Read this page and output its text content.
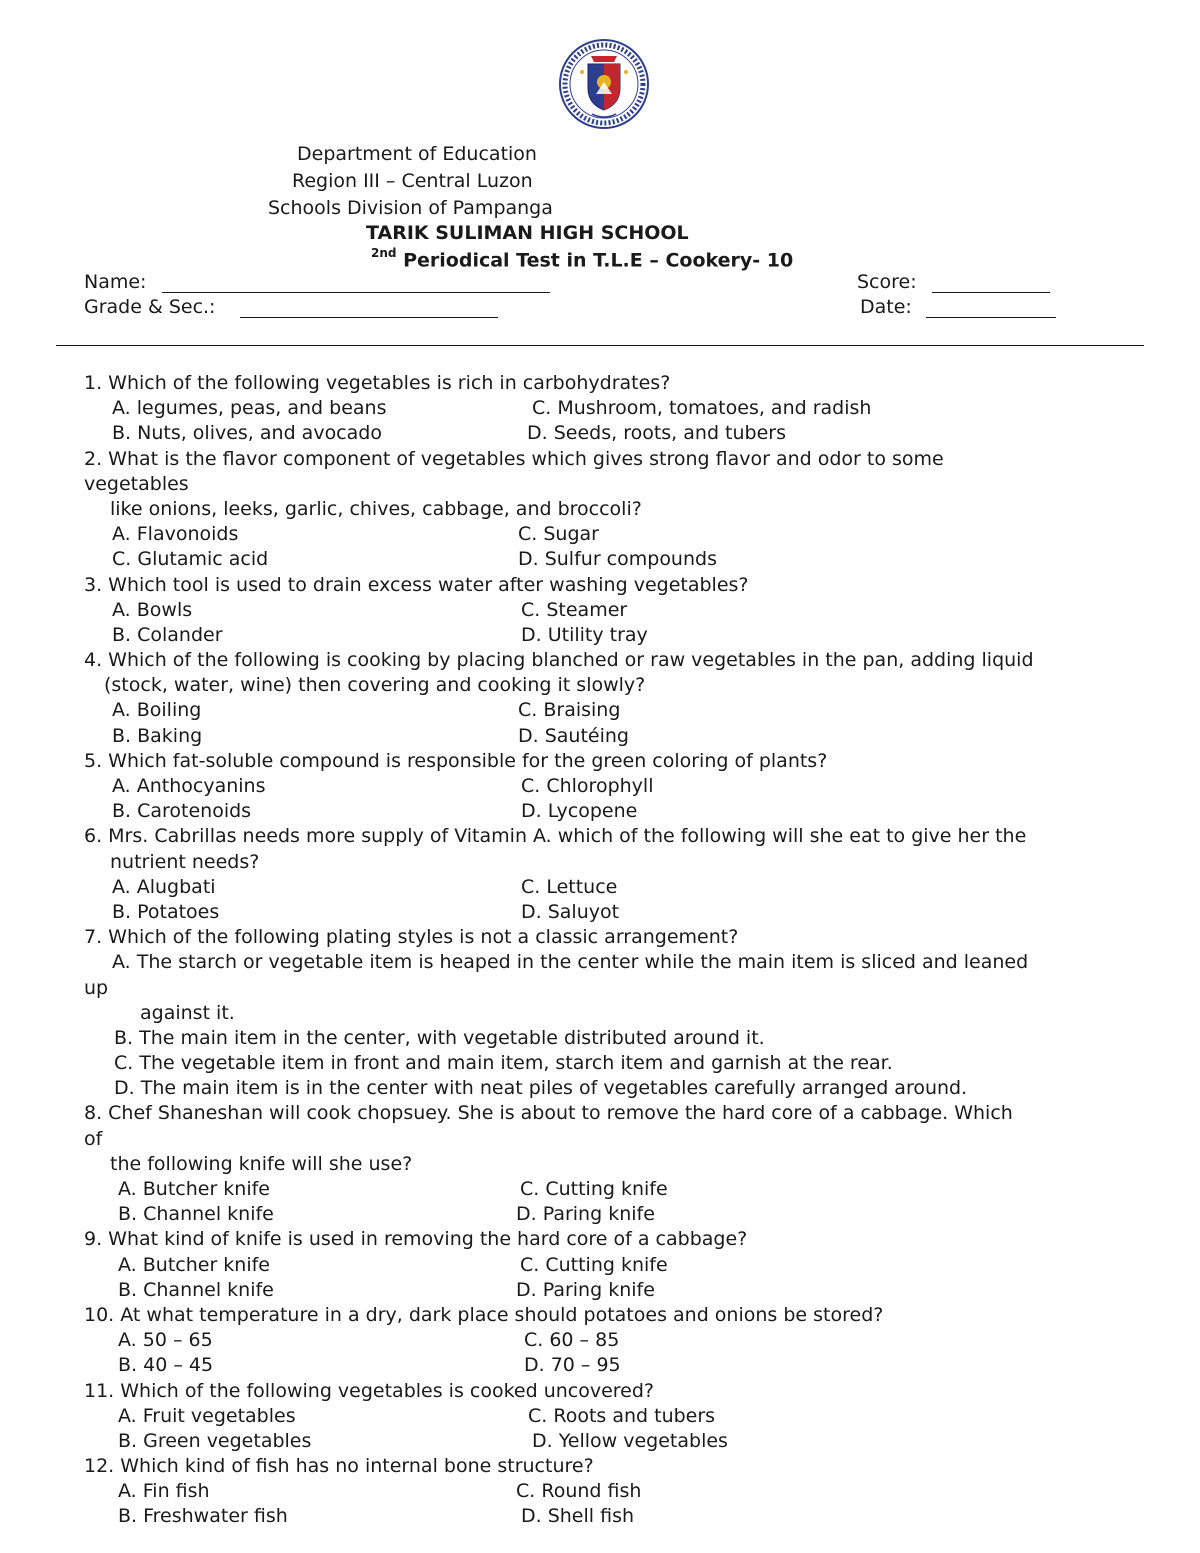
Department of Education
Region III – Central Luzon
Schools Division of Pampanga
TARIK SULIMAN HIGH SCHOOL
$^{2nd}$ Periodical Test in T.L.E – Cookery- 10
Name:	Score:
Grade & Sec.:	Date:
1. Which of the following vegetables is rich in carbohydrates?
A. legumes, peas, and beans	C. Mushroom, tomatoes, and radish
B. Nuts, olives, and avocado	D. Seeds, roots, and tubers
2. What is the flavor component of vegetables which gives strong flavor and odor to some
vegetables
like onions, leeks, garlic, chives, cabbage, and broccoli?
A. Flavonoids	C. Sugar
C. Glutamic acid	D. Sulfur compounds
3. Which tool is used to drain excess water after washing vegetables?
A. Bowls	C. Steamer
B. Colander	D. Utility tray
4. Which of the following is cooking by placing blanched or raw vegetables in the pan, adding liquid
(stock, water, wine) then covering and cooking it slowly?
A. Boiling	C. Braising
B. Baking	D. Sautéing
5. Which fat-soluble compound is responsible for the green coloring of plants?
A. Anthocyanins	C. Chlorophyll
B. Carotenoids	D. Lycopene
6. Mrs. Cabrillas needs more supply of Vitamin A. which of the following will she eat to give her the
nutrient needs?
A. Alugbati	C. Lettuce
B. Potatoes	D. Saluyot
7. Which of the following plating styles is not a classic arrangement?
A. The starch or vegetable item is heaped in the center while the main item is sliced and leaned
up
against it.
B. The main item in the center, with vegetable distributed around it.
C. The vegetable item in front and main item, starch item and garnish at the rear.
D. The main item is in the center with neat piles of vegetables carefully arranged around.
8. Chef Shaneshan will cook chopsuey. She is about to remove the hard core of a cabbage. Which
of
the following knife will she use?
A. Butcher knife	C. Cutting knife
B. Channel knife	D. Paring knife
9. What kind of knife is used in removing the hard core of a cabbage?
A. Butcher knife	C. Cutting knife
B. Channel knife	D. Paring knife
10. At what temperature in a dry, dark place should potatoes and onions be stored?
A. 50 – 65	C. 60 – 85
B. 40 – 45	D. 70 – 95
11. Which of the following vegetables is cooked uncovered?
A. Fruit vegetables	C. Roots and tubers
B. Green vegetables	D. Yellow vegetables
12. Which kind of fish has no internal bone structure?
A. Fin fish	C. Round fish
B. Freshwater fish	D. Shell fish
